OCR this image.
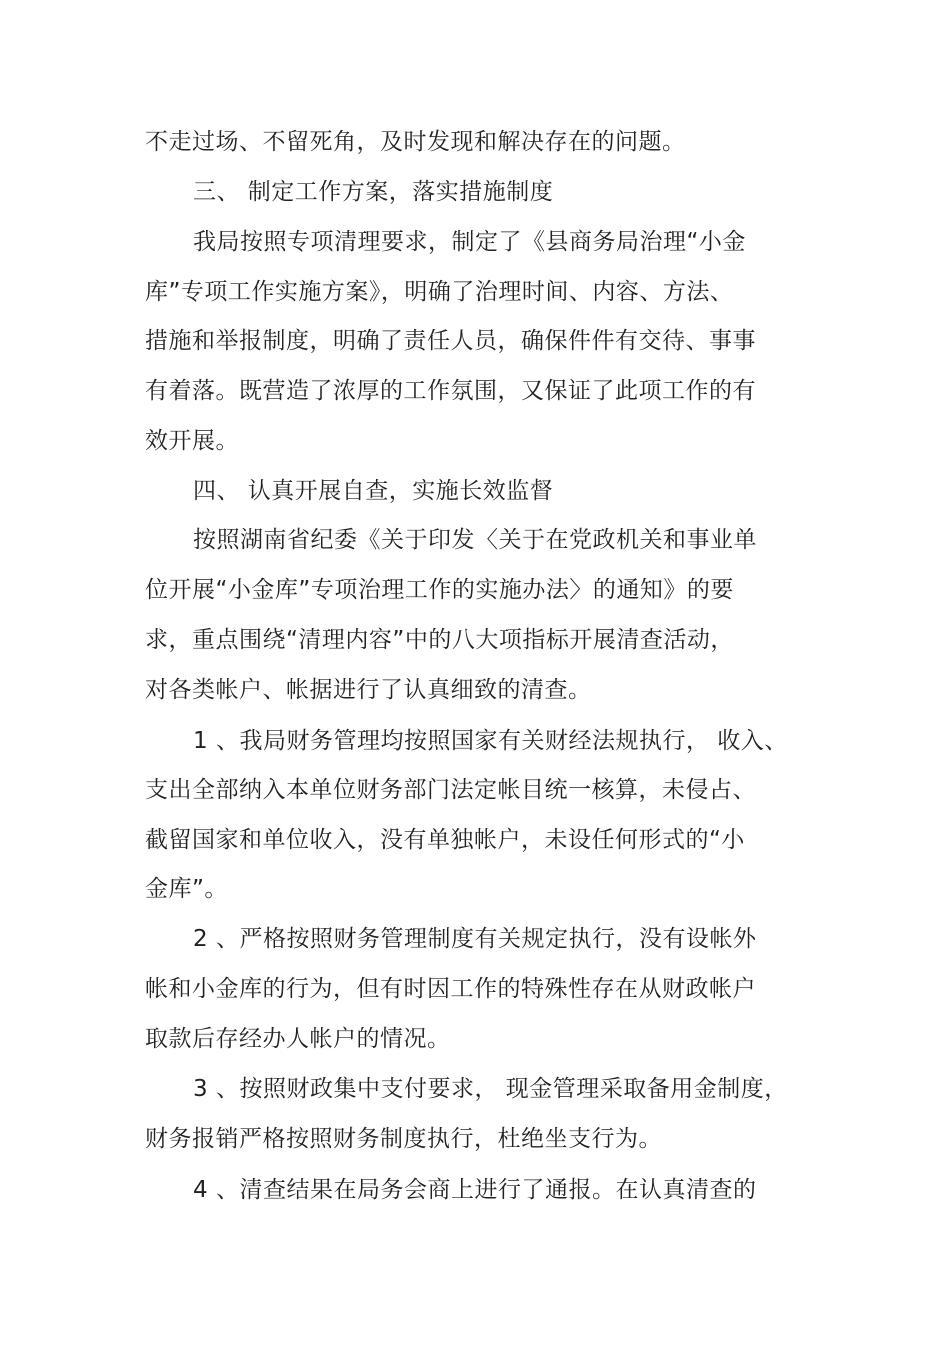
不走过场、不留死角，及时发现和解决存在的问题。

三、 制定工作方案，落实措施制度

我局按照专项清理要求，制定了《县商务局治理“小金

库”专项工作实施方案》，明确了治理时间、内容、方法、

措施和举报制度，明确了责任人员，确保件件有交待、事事

有着落。既营造了浓厚的工作氛围，又保证了此项工作的有

效开展。

四、 认真开展自查，实施长效监督

按照湖南省纪委《关于印发〈关于在党政机关和事业单

位开展“小金库”专项治理工作的实施办法〉的通知》的要

求，重点围绕“清理内容”中的八大项指标开展清查活动，

对各类帐户、帐据进行了认真细致的清查。

1 、我局财务管理均按照国家有关财经法规执行， 收入、

支出全部纳入本单位财务部门法定帐目统一核算，未侵占、

截留国家和单位收入，没有单独帐户，未设任何形式的“小

金库”。

2 、严格按照财务管理制度有关规定执行，没有设帐外

帐和小金库的行为，但有时因工作的特殊性存在从财政帐户

取款后存经办人帐户的情况。

3 、按照财政集中支付要求， 现金管理采取备用金制度，

财务报销严格按照财务制度执行，杜绝坐支行为。

4 、清查结果在局务会商上进行了通报。在认真清查的
